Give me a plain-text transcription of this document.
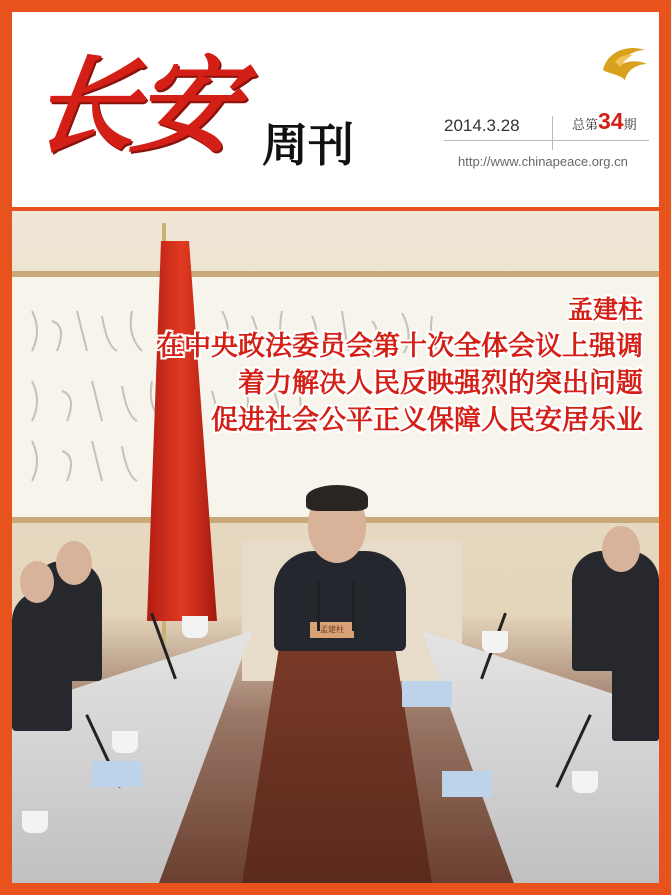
长安 周刊	2014.3.28	总第34期
http://www.chinapeace.org.cn
孟建柱
孟建柱
在中央政法委员会第十次全体会议上强调
着力解决人民反映强烈的突出问题
促进社会公平正义保障人民安居乐业
